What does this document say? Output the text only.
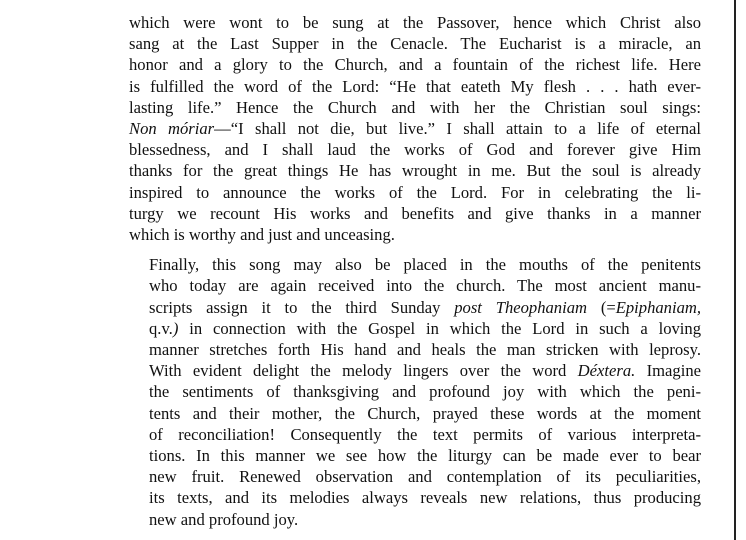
which were wont to be sung at the Passover, hence which Christ also
sang at the Last Supper in the Cenacle. The Eucharist is a miracle, an
honor and a glory to the Church, and a fountain of the richest life. Here
is fulfilled the word of the Lord: “He that eateth My flesh . . . hath ever-
lasting life.” Hence the Church and with her the Christian soul sings:
Non móriar—“I shall not die, but live.” I shall attain to a life of eternal
blessedness, and I shall laud the works of God and forever give Him
thanks for the great things He has wrought in me. But the soul is already
inspired to announce the works of the Lord. For in celebrating the li-
turgy we recount His works and benefits and give thanks in a manner
which is worthy and just and unceasing.

Finally, this song may also be placed in the mouths of the penitents
who today are again received into the church. The most ancient manu-
scripts assign it to the third Sunday post Theophaniam (=Epiphaniam,
q.v.) in connection with the Gospel in which the Lord in such a loving
manner stretches forth His hand and heals the man stricken with leprosy.
With evident delight the melody lingers over the word Déxtera. Imagine
the sentiments of thanksgiving and profound joy with which the peni-
tents and their mother, the Church, prayed these words at the moment
of reconciliation! Consequently the text permits of various interpreta-
tions. In this manner we see how the liturgy can be made ever to bear
new fruit. Renewed observation and contemplation of its peculiarities,
its texts, and its melodies always reveals new relations, thus producing
new and profound joy.
